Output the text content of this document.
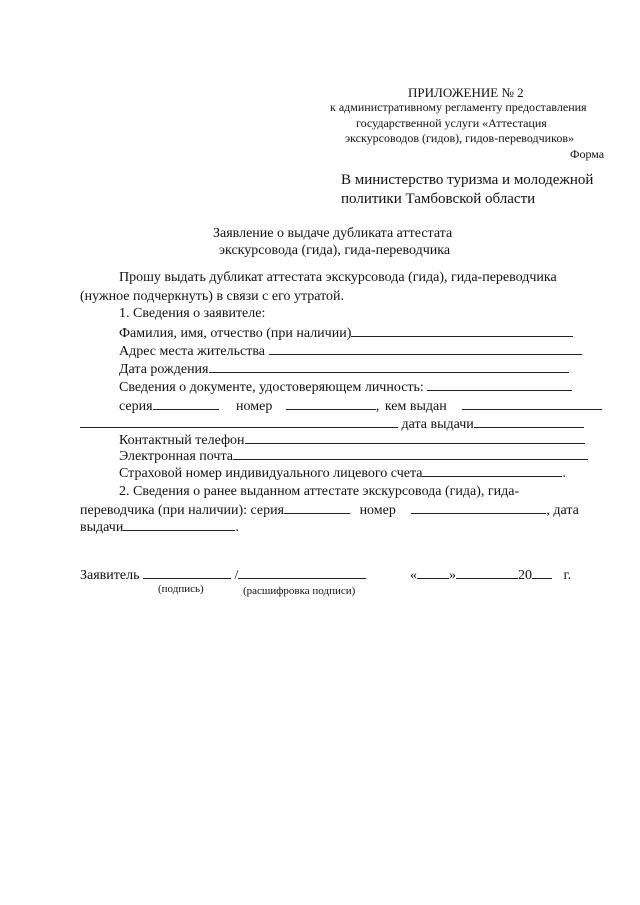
ПРИЛОЖЕНИЕ № 2
к административному регламенту предоставления
государственной услуги «Аттестация
экскурсоводов (гидов), гидов-переводчиков»
Форма
В министерство туризма и молодежной
политики Тамбовской области
Заявление о выдаче дубликата аттестата
экскурсовода (гида), гида-переводчика
Прошу выдать дубликат аттестата экскурсовода (гида), гида-переводчика
(нужное подчеркнуть) в связи с его утратой.
1. Сведения о заявителе:
Фамилия, имя, отчество (при наличии)
Адрес места жительства
Дата рождения
Сведения о документе, удостоверяющем личность:
серия	номер	, кем выдан
дата выдачи
Контактный телефон
Электронная почта
Страховой номер индивидуального лицевого счета	.
2. Сведения о ранее выданном аттестате экскурсовода (гида), гида-
переводчика (при наличии): серия	номер	, дата
выдачи	.
Заявитель	/	« »	20 г.
(подпись)	(расшифровка подписи)
